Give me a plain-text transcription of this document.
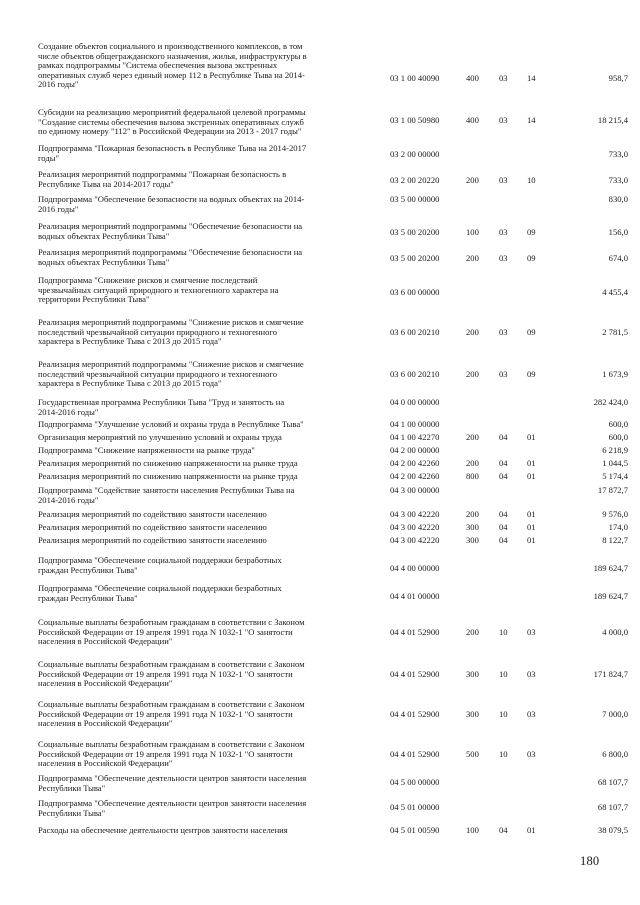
Создание объектов социального и производственного комплексов, в том
числе объектов общегражданского назначения, жилья, инфраструктуры в
рамках подпрограммы "Система обеспечения вызова экстренных
оперативных служб через единый номер 112 в Республике Тыва на 2014-
2016 годы"
03 1 00 40090	400 03 14	958,7
Субсидии на реализацию мероприятий федеральной целевой программы
"Создание системы обеспечения вызова экстренных оперативных служб
по единому номеру "112" в Российской Федерации на 2013 - 2017 годы"
03 1 00 50980	400 03 14	18 215,4
Подпрограмма "Пожарная безопасность в Республике Тыва на 2014-2017
годы"	03 2 00 00000	733,0
Реализация мероприятий подпрограммы "Пожарная безопасность в
Республике Тыва на 2014-2017 годы"	03 2 00 20220	200 03 10	733,0
Подпрограмма "Обеспечение безопасности на водных объектах на 2014-
2016 годы"
03 5 00 00000	830,0
Реализация мероприятий подпрограммы "Обеспечение безопасности на
водных объектах Республики Тыва"	03 5 00 20200	100 03 09	156,0
Реализация мероприятий подпрограммы "Обеспечение безопасности на
водных объектах Республики Тыва"	03 5 00 20200	200 03 09	674,0
Подпрограмма "Снижение рисков и смягчение последствий
чрезвычайных ситуаций природного и техногенного характера на
территории Республики Тыва"
03 6 00 00000	4 455,4
Реализация мероприятий подпрограммы "Снижение рисков и смягчение
последствий чрезвычайной ситуации природного и техногенного
характера в Республике Тыва с 2013 до 2015 года"
03 6 00 20210	200 03 09	2 781,5
Реализация мероприятий подпрограммы "Снижение рисков и смягчение
последствий чрезвычайной ситуации природного и техногенного
характера в Республике Тыва с 2013 до 2015 года"
03 6 00 20210	200 03 09	1 673,9
Государственная программа Республики Тыва "Труд и занятость на
2014-2016 годы"
04 0 00 00000	282 424,0
Подпрограмма "Улучшение условий и охраны труда в Республике Тыва"	04 1 00 00000	600,0
Организация мероприятий по улучшению условий и охраны труда	04 1 00 42270	200 04 01	600,0
Подпрограмма "Снижение напряженности на рынке труда"	04 2 00 00000	6 218,9
Реализация мероприятий по снижению напряженности на рынке труда	04 2 00 42260	200 04 01	1 044,5
Реализация мероприятий по снижению напряженности на рынке труда	04 2 00 42260	800 04 01	5 174,4
Подпрограмма "Содействие занятости населения Республики Тыва на
2014-2016 годы"
04 3 00 00000	17 872,7
Реализация мероприятий по содействию занятости населению	04 3 00 42220	200 04 01	9 576,0
Реализация мероприятий по содействию занятости населению	04 3 00 42220	300 04 01	174,0
Реализация мероприятий по содействию занятости населению	04 3 00 42220	300 04 01	8 122,7
Подпрограмма "Обеспечение социальной поддержки безработных
граждан Республики Тыва"	04 4 00 00000	189 624,7
Подпрограмма "Обеспечение социальной поддержки безработных
граждан Республики Тыва"	04 4 01 00000	189 624,7
Социальные выплаты безработным гражданам в соответствии с Законом
Российской Федерации от 19 апреля 1991 года N 1032-1 "О занятости
населения в Российской Федерации"
04 4 01 52900	200 10 03	4 000,0
Социальные выплаты безработным гражданам в соответствии с Законом
Российской Федерации от 19 апреля 1991 года N 1032-1 "О занятости
населения в Российской Федерации"
04 4 01 52900	300 10 03	171 824,7
Социальные выплаты безработным гражданам в соответствии с Законом
Российской Федерации от 19 апреля 1991 года N 1032-1 "О занятости
населения в Российской Федерации"
04 4 01 52900	300 10 03	7 000,0
Социальные выплаты безработным гражданам в соответствии с Законом
Российской Федерации от 19 апреля 1991 года N 1032-1 "О занятости
населения в Российской Федерации"
04 4 01 52900	500 10 03	6 800,0
Подпрограмма "Обеспечение деятельности центров занятости населения
Республики Тыва"
04 5 00 00000	68 107,7
Подпрограмма "Обеспечение деятельности центров занятости населения
Республики Тыва"
04 5 01 00000	68 107,7
Расходы на обеспечение деятельности центров занятости населения	04 5 01 00590	100 04 01	38 079,5
180
